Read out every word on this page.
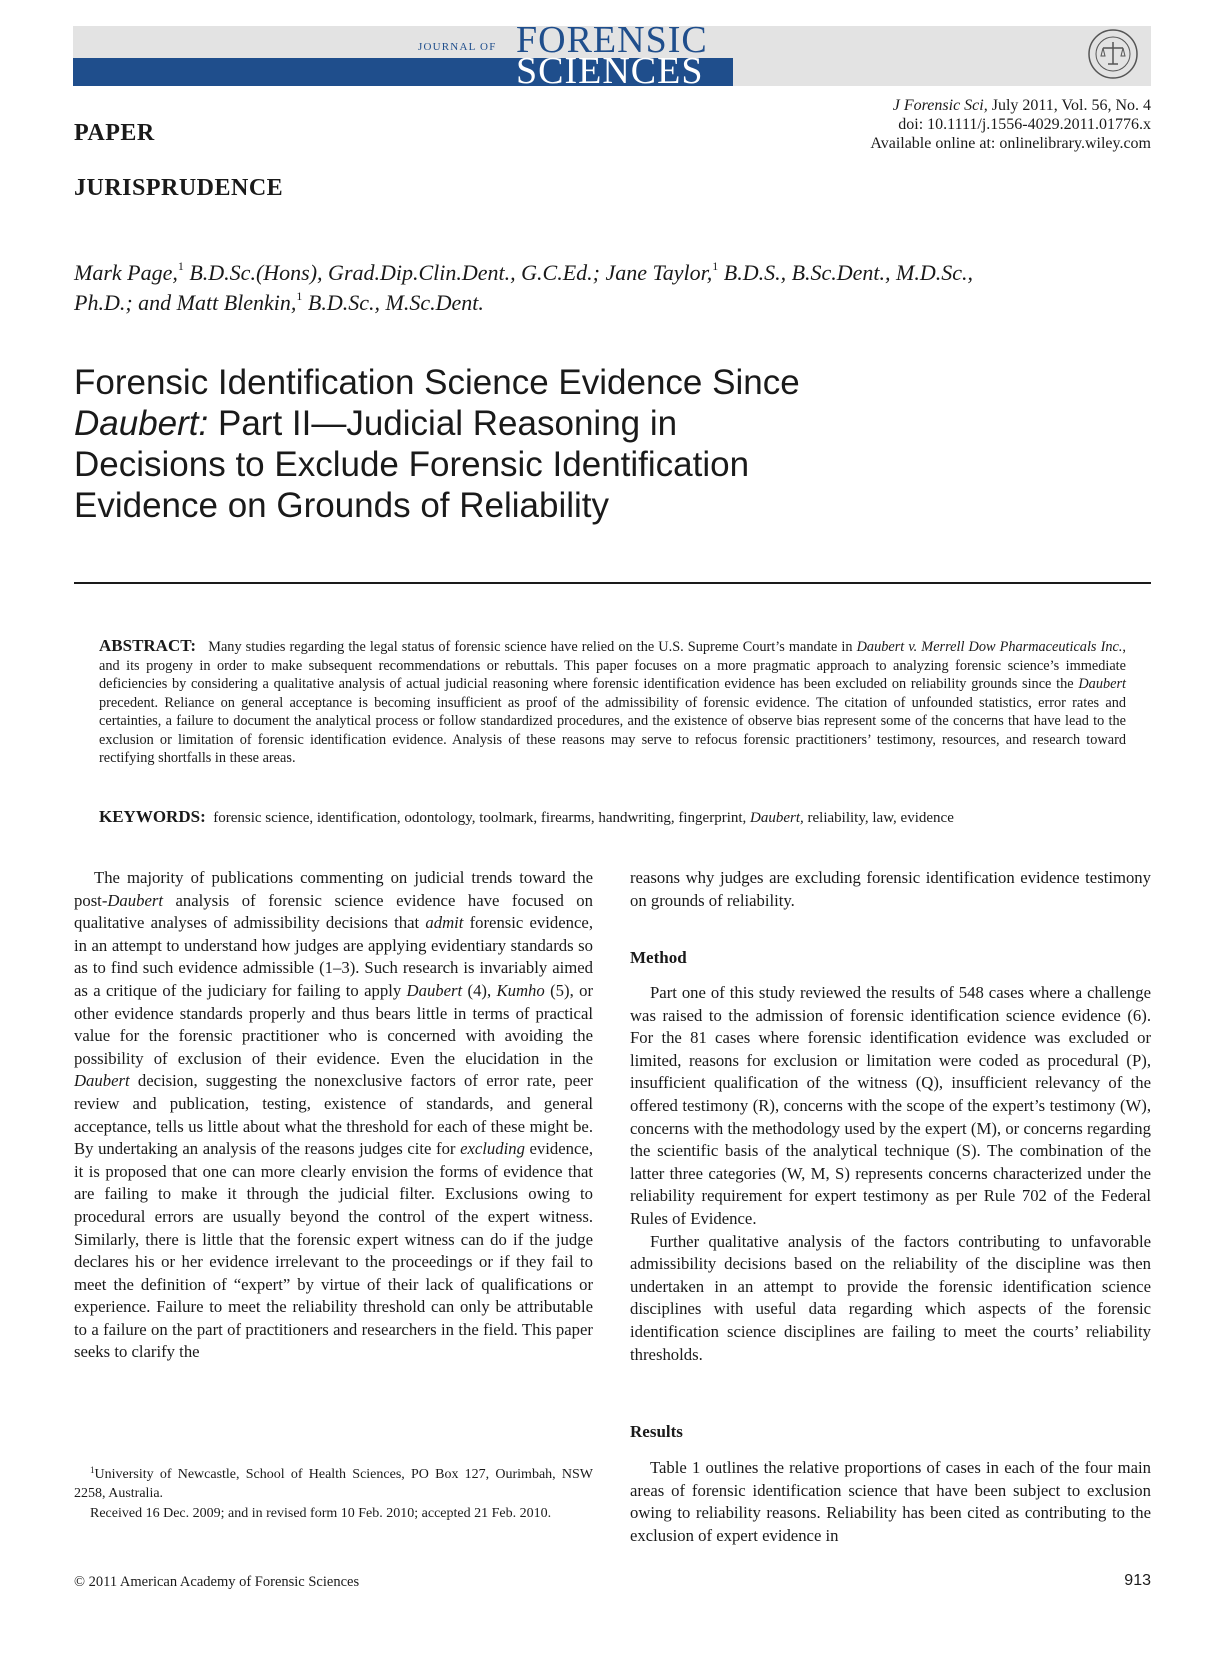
JOURNAL OF FORENSIC
SCIENCES
J Forensic Sci, July 2011, Vol. 56, No. 4
doi: 10.1111/j.1556-4029.2011.01776.x
Available online at: onlinelibrary.wiley.com
PAPER
JURISPRUDENCE
Mark Page,$^1$ B.D.Sc.(Hons), Grad.Dip.Clin.Dent., G.C.Ed.; Jane Taylor,$^1$ B.D.S., B.Sc.Dent., M.D.Sc.,
Ph.D.; and Matt Blenkin,$^1$ B.D.Sc., M.Sc.Dent.
Forensic Identification Science Evidence Since
Daubert: Part II—Judicial Reasoning in
Decisions to Exclude Forensic Identification
Evidence on Grounds of Reliability
ABSTRACT: Many studies regarding the legal status of forensic science have relied on the U.S. Supreme Court’s mandate in Daubert v. Merrell Dow Pharmaceuticals Inc., and its progeny in order to make subsequent recommendations or rebuttals. This paper focuses on a more pragmatic approach to analyzing forensic science’s immediate deficiencies by considering a qualitative analysis of actual judicial reasoning where forensic identification evidence has been excluded on reliability grounds since the Daubert precedent. Reliance on general acceptance is becoming insufficient as proof of the admissibility of forensic evidence. The citation of unfounded statistics, error rates and certainties, a failure to document the analytical process or follow standardized procedures, and the existence of observe bias represent some of the concerns that have lead to the exclusion or limitation of forensic identification evidence. Analysis of these reasons may serve to refocus forensic practitioners’ testimony, resources, and research toward rectifying shortfalls in these areas.
KEYWORDS: forensic science, identification, odontology, toolmark, firearms, handwriting, fingerprint, Daubert, reliability, law, evidence

The majority of publications commenting on judicial trends toward the post-Daubert analysis of forensic science evidence have focused on qualitative analyses of admissibility decisions that admit forensic evidence, in an attempt to understand how judges are applying evidentiary standards so as to find such evidence admissible (1–3). Such research is invariably aimed as a critique of the judiciary for failing to apply Daubert (4), Kumho (5), or other evidence standards properly and thus bears little in terms of practical value for the forensic practitioner who is concerned with avoiding the possibility of exclusion of their evidence. Even the elucidation in the Daubert decision, suggesting the nonexclusive factors of error rate, peer review and publication, testing, existence of standards, and general acceptance, tells us little about what the threshold for each of these might be. By undertaking an analysis of the reasons judges cite for excluding evidence, it is proposed that one can more clearly envision the forms of evidence that are failing to make it through the judicial filter. Exclusions owing to procedural errors are usually beyond the control of the expert witness. Similarly, there is little that the forensic expert witness can do if the judge declares his or her evidence irrelevant to the proceedings or if they fail to meet the definition of “expert” by virtue of their lack of qualifications or experience. Failure to meet the reliability threshold can only be attributable to a failure on the part of practitioners and researchers in the field. This paper seeks to clarify the

reasons why judges are excluding forensic identification evidence testimony on grounds of reliability.

Method

Part one of this study reviewed the results of 548 cases where a challenge was raised to the admission of forensic identification science evidence (6). For the 81 cases where forensic identification evidence was excluded or limited, reasons for exclusion or limitation were coded as procedural (P), insufficient qualification of the witness (Q), insufficient relevancy of the offered testimony (R), concerns with the scope of the expert’s testimony (W), concerns with the methodology used by the expert (M), or concerns regarding the scientific basis of the analytical technique (S). The combination of the latter three categories (W, M, S) represents concerns characterized under the reliability requirement for expert testimony as per Rule 702 of the Federal Rules of Evidence.

Further qualitative analysis of the factors contributing to unfavorable admissibility decisions based on the reliability of the discipline was then undertaken in an attempt to provide the forensic identification science disciplines with useful data regarding which aspects of the forensic identification science disciplines are failing to meet the courts’ reliability thresholds.

Results

Table 1 outlines the relative proportions of cases in each of the four main areas of forensic identification science that have been subject to exclusion owing to reliability reasons. Reliability has been cited as contributing to the exclusion of expert evidence in

$^1$University of Newcastle, School of Health Sciences, PO Box 127, Ourimbah, NSW 2258, Australia.

Received 16 Dec. 2009; and in revised form 10 Feb. 2010; accepted 21 Feb. 2010.

© 2011 American Academy of Forensic Sciences	913
